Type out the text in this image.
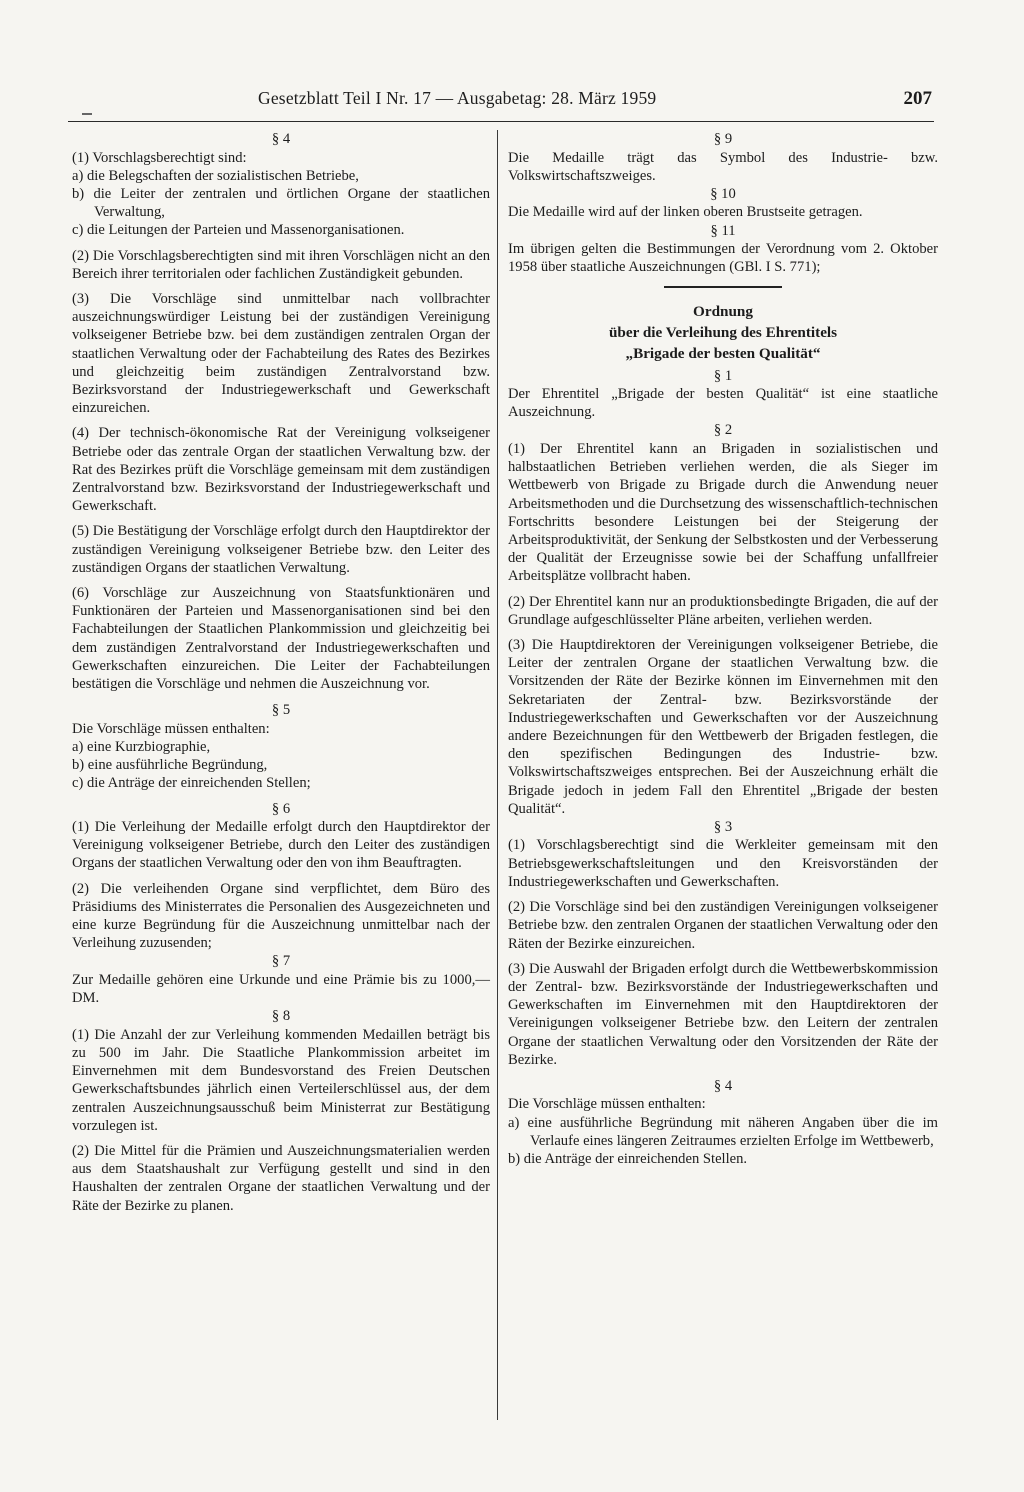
Gesetzblatt Teil I Nr. 17 — Ausgabetag: 28. März 1959	207
§ 4

(1) Vorschlagsberechtigt sind:

a) die Belegschaften der sozialistischen Betriebe,
b) die Leiter der zentralen und örtlichen Organe der staatlichen Verwaltung,
c) die Leitungen der Parteien und Massenorganisationen.

(2) Die Vorschlagsberechtigten sind mit ihren Vorschlägen nicht an den Bereich ihrer territorialen oder fachlichen Zuständigkeit gebunden.

(3) Die Vorschläge sind unmittelbar nach vollbrachter auszeichnungswürdiger Leistung bei der zuständigen Vereinigung volkseigener Betriebe bzw. bei dem zuständigen zentralen Organ der staatlichen Verwaltung oder der Fachabteilung des Rates des Bezirkes und gleichzeitig beim zuständigen Zentralvorstand bzw. Bezirksvorstand der Industriegewerkschaft und Gewerkschaft einzureichen.

(4) Der technisch-ökonomische Rat der Vereinigung volkseigener Betriebe oder das zentrale Organ der staatlichen Verwaltung bzw. der Rat des Bezirkes prüft die Vorschläge gemeinsam mit dem zuständigen Zentralvorstand bzw. Bezirksvorstand der Industriegewerkschaft und Gewerkschaft.

(5) Die Bestätigung der Vorschläge erfolgt durch den Hauptdirektor der zuständigen Vereinigung volkseigener Betriebe bzw. den Leiter des zuständigen Organs der staatlichen Verwaltung.

(6) Vorschläge zur Auszeichnung von Staatsfunktionären und Funktionären der Parteien und Massenorganisationen sind bei den Fachabteilungen der Staatlichen Plankommission und gleichzeitig bei dem zuständigen Zentralvorstand der Industriegewerkschaften und Gewerkschaften einzureichen. Die Leiter der Fachabteilungen bestätigen die Vorschläge und nehmen die Auszeichnung vor.

§ 5

Die Vorschläge müssen enthalten:

a) eine Kurzbiographie,
b) eine ausführliche Begründung,
c) die Anträge der einreichenden Stellen;
§ 6

(1) Die Verleihung der Medaille erfolgt durch den Hauptdirektor der Vereinigung volkseigener Betriebe, durch den Leiter des zuständigen Organs der staatlichen Verwaltung oder den von ihm Beauftragten.

(2) Die verleihenden Organe sind verpflichtet, dem Büro des Präsidiums des Ministerrates die Personalien des Ausgezeichneten und eine kurze Begründung für die Auszeichnung unmittelbar nach der Verleihung zuzusenden;

§ 7

Zur Medaille gehören eine Urkunde und eine Prämie bis zu 1000,— DM.

§ 8

(1) Die Anzahl der zur Verleihung kommenden Medaillen beträgt bis zu 500 im Jahr. Die Staatliche Plankommission arbeitet im Einvernehmen mit dem Bundesvorstand des Freien Deutschen Gewerkschaftsbundes jährlich einen Verteilerschlüssel aus, der dem zentralen Auszeichnungsausschuß beim Ministerrat zur Bestätigung vorzulegen ist.

(2) Die Mittel für die Prämien und Auszeichnungsmaterialien werden aus dem Staatshaushalt zur Verfügung gestellt und sind in den Haushalten der zentralen Organe der staatlichen Verwaltung und der Räte der Bezirke zu planen.

§ 9

Die Medaille trägt das Symbol des Industrie- bzw. Volkswirtschaftszweiges.

§ 10

Die Medaille wird auf der linken oberen Brustseite getragen.

§ 11

Im übrigen gelten die Bestimmungen der Verordnung vom 2. Oktober 1958 über staatliche Auszeichnungen (GBl. I S. 771);

Ordnung
über die Verleihung des Ehrentitels
„Brigade der besten Qualität“
§ 1

Der Ehrentitel „Brigade der besten Qualität“ ist eine staatliche Auszeichnung.

§ 2

(1) Der Ehrentitel kann an Brigaden in sozialistischen und halbstaatlichen Betrieben verliehen werden, die als Sieger im Wettbewerb von Brigade zu Brigade durch die Anwendung neuer Arbeitsmethoden und die Durchsetzung des wissenschaftlich-technischen Fortschritts besondere Leistungen bei der Steigerung der Arbeitsproduktivität, der Senkung der Selbstkosten und der Verbesserung der Qualität der Erzeugnisse sowie bei der Schaffung unfallfreier Arbeitsplätze vollbracht haben.

(2) Der Ehrentitel kann nur an produktionsbedingte Brigaden, die auf der Grundlage aufgeschlüsselter Pläne arbeiten, verliehen werden.

(3) Die Hauptdirektoren der Vereinigungen volkseigener Betriebe, die Leiter der zentralen Organe der staatlichen Verwaltung bzw. die Vorsitzenden der Räte der Bezirke können im Einvernehmen mit den Sekretariaten der Zentral- bzw. Bezirksvorstände der Industriegewerkschaften und Gewerkschaften vor der Auszeichnung andere Bezeichnungen für den Wettbewerb der Brigaden festlegen, die den spezifischen Bedingungen des Industrie- bzw. Volkswirtschaftszweiges entsprechen. Bei der Auszeichnung erhält die Brigade jedoch in jedem Fall den Ehrentitel „Brigade der besten Qualität“.

§ 3

(1) Vorschlagsberechtigt sind die Werkleiter gemeinsam mit den Betriebsgewerkschaftsleitungen und den Kreisvorständen der Industriegewerkschaften und Gewerkschaften.

(2) Die Vorschläge sind bei den zuständigen Vereinigungen volkseigener Betriebe bzw. den zentralen Organen der staatlichen Verwaltung oder den Räten der Bezirke einzureichen.

(3) Die Auswahl der Brigaden erfolgt durch die Wettbewerbskommission der Zentral- bzw. Bezirksvorstände der Industriegewerkschaften und Gewerkschaften im Einvernehmen mit den Hauptdirektoren der Vereinigungen volkseigener Betriebe bzw. den Leitern der zentralen Organe der staatlichen Verwaltung oder den Vorsitzenden der Räte der Bezirke.

§ 4

Die Vorschläge müssen enthalten:

a) eine ausführliche Begründung mit näheren Angaben über die im Verlaufe eines längeren Zeitraumes erzielten Erfolge im Wettbewerb,
b) die Anträge der einreichenden Stellen.
